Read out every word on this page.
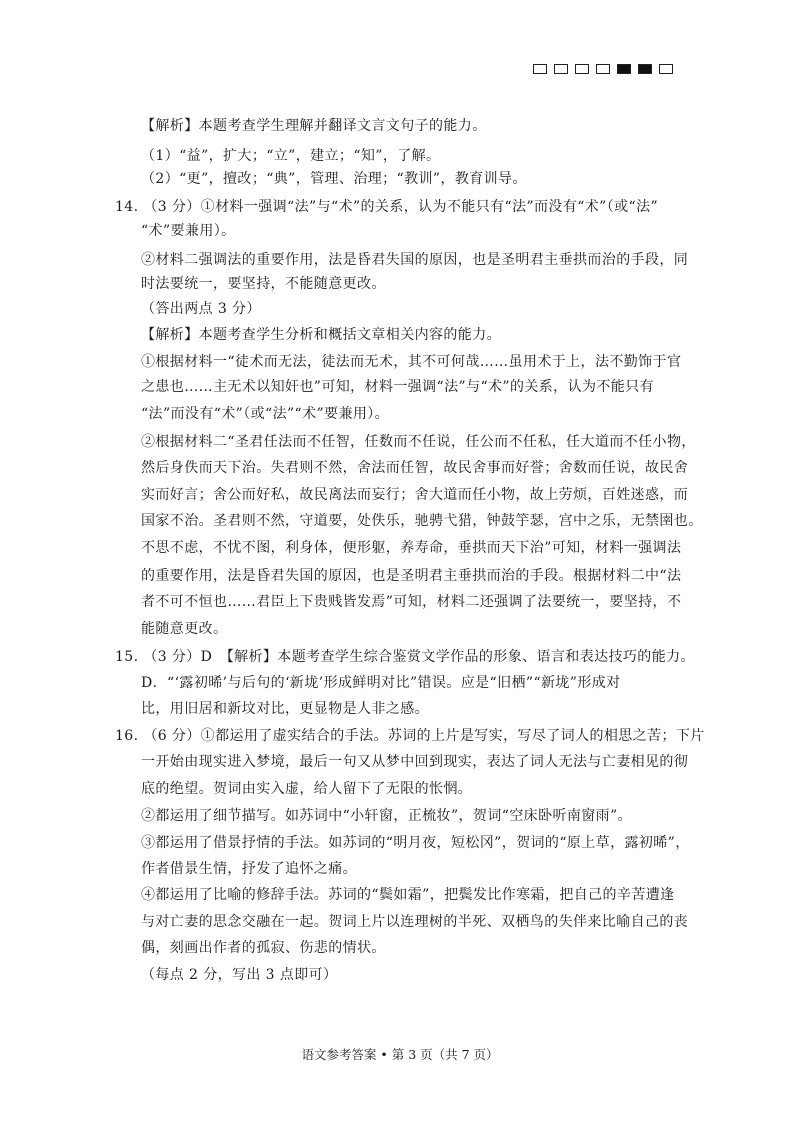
【解析】本题考查学生理解并翻译文言文句子的能力。
（1）“益”，扩大；“立”，建立；“知”，了解。
（2）“更”，擅改；“典”，管理、治理；“教训”，教育训导。
14. （3 分）①材料一强调“法”与“术”的关系，认为不能只有“法”而没有“术”（或“法”
“术”要兼用）。
②材料二强调法的重要作用，法是昏君失国的原因，也是圣明君主垂拱而治的手段，同
时法要统一，要坚持，不能随意更改。
（答出两点 3 分）
【解析】本题考查学生分析和概括文章相关内容的能力。
①根据材料一“徒术而无法，徒法而无术，其不可何哉……虽用术于上，法不勤饰于官
之患也……主无术以知奸也”可知，材料一强调“法”与“术”的关系，认为不能只有
“法”而没有“术”（或“法”“术”要兼用）。
②根据材料二“圣君任法而不任智，任数而不任说，任公而不任私，任大道而不任小物，
然后身佚而天下治。失君则不然，舍法而任智，故民舍事而好誉；舍数而任说，故民舍
实而好言；舍公而好私，故民离法而妄行；舍大道而任小物，故上劳烦，百姓迷惑，而
国家不治。圣君则不然，守道要，处佚乐，驰骋弋猎，钟鼓竽瑟，宫中之乐，无禁圉也。
不思不虑，不忧不图，利身体，便形躯，养寿命，垂拱而天下治”可知，材料一强调法
的重要作用，法是昏君失国的原因，也是圣明君主垂拱而治的手段。根据材料二中“法
者不可不恒也……君臣上下贵贱皆发焉”可知，材料二还强调了法要统一，要坚持，不
能随意更改。
15. （3 分）D　【解析】本题考查学生综合鉴赏文学作品的形象、语言和表达技巧的能力。
D．“‘露初晞’与后句的‘新垅’形成鲜明对比”错误。应是“旧栖”“新垅”形成对
比，用旧居和新坟对比，更显物是人非之感。
16. （6 分）①都运用了虚实结合的手法。苏词的上片是写实，写尽了词人的相思之苦；下片
一开始由现实进入梦境，最后一句又从梦中回到现实，表达了词人无法与亡妻相见的彻
底的绝望。贺词由实入虚，给人留下了无限的怅惘。
②都运用了细节描写。如苏词中“小轩窗，正梳妆”，贺词“空床卧听南窗雨”。
③都运用了借景抒情的手法。如苏词的“明月夜，短松冈”，贺词的“原上草，露初晞”，
作者借景生情，抒发了追怀之痛。
④都运用了比喻的修辞手法。苏词的“鬓如霜”，把鬓发比作寒霜，把自己的辛苦遭逢
与对亡妻的思念交融在一起。贺词上片以连理树的半死、双栖鸟的失伴来比喻自己的丧
偶，刻画出作者的孤寂、伤悲的情状。
（每点 2 分，写出 3 点即可）
语文参考答案 • 第 3 页（共 7 页）
